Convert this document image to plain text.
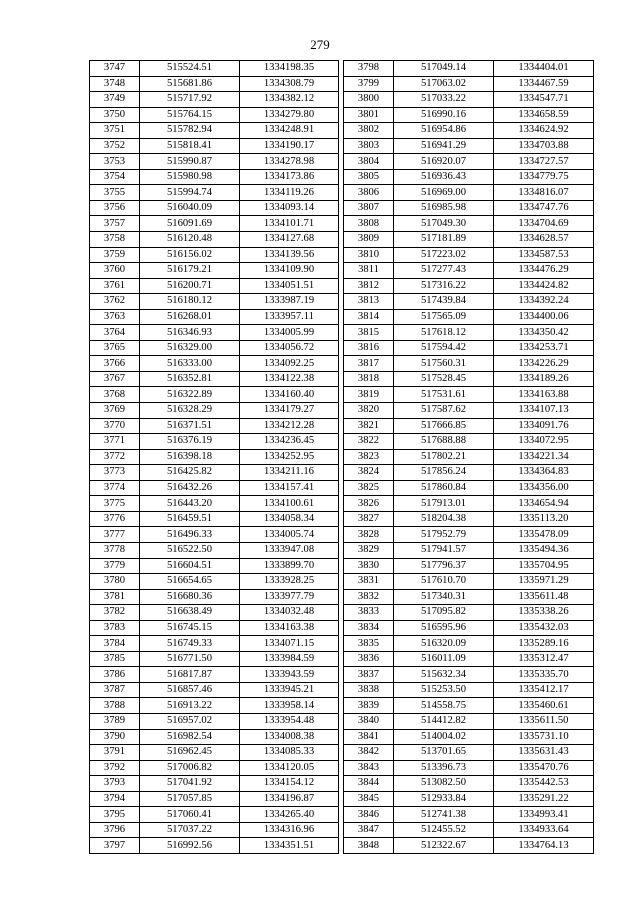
279
3747	515524.51	1334198.35
3748	515681.86	1334308.79
3749	515717.92	1334382.12
3750	515764.15	1334279.80
3751	515782.94	1334248.91
3752	515818.41	1334190.17
3753	515990.87	1334278.98
3754	515980.98	1334173.86
3755	515994.74	1334119.26
3756	516040.09	1334093.14
3757	516091.69	1334101.71
3758	516120.48	1334127.68
3759	516156.02	1334139.56
3760	516179.21	1334109.90
3761	516200.71	1334051.51
3762	516180.12	1333987.19
3763	516268.01	1333957.11
3764	516346.93	1334005.99
3765	516329.00	1334056.72
3766	516333.00	1334092.25
3767	516352.81	1334122.38
3768	516322.89	1334160.40
3769	516328.29	1334179.27
3770	516371.51	1334212.28
3771	516376.19	1334236.45
3772	516398.18	1334252.95
3773	516425.82	1334211.16
3774	516432.26	1334157.41
3775	516443.20	1334100.61
3776	516459.51	1334058.34
3777	516496.33	1334005.74
3778	516522.50	1333947.08
3779	516604.51	1333899.70
3780	516654.65	1333928.25
3781	516680.36	1333977.79
3782	516638.49	1334032.48
3783	516745.15	1334163.38
3784	516749.33	1334071.15
3785	516771.50	1333984.59
3786	516817.87	1333943.59
3787	516857.46	1333945.21
3788	516913.22	1333958.14
3789	516957.02	1333954.48
3790	516982.54	1334008.38
3791	516962.45	1334085.33
3792	517006.82	1334120.05
3793	517041.92	1334154.12
3794	517057.85	1334196.87
3795	517060.41	1334265.40
3796	517037.22	1334316.96
3797	516992.56	1334351.51
3798	517049.14	1334404.01
3799	517063.02	1334467.59
3800	517033.22	1334547.71
3801	516990.16	1334658.59
3802	516954.86	1334624.92
3803	516941.29	1334703.88
3804	516920.07	1334727.57
3805	516936.43	1334779.75
3806	516969.00	1334816.07
3807	516985.98	1334747.76
3808	517049.30	1334704.69
3809	517181.89	1334628.57
3810	517223.02	1334587.53
3811	517277.43	1334476.29
3812	517316.22	1334424.82
3813	517439.84	1334392.24
3814	517565.09	1334400.06
3815	517618.12	1334350.42
3816	517594.42	1334253.71
3817	517560.31	1334226.29
3818	517528.45	1334189.26
3819	517531.61	1334163.88
3820	517587.62	1334107.13
3821	517666.85	1334091.76
3822	517688.88	1334072.95
3823	517802.21	1334221.34
3824	517856.24	1334364.83
3825	517860.84	1334356.00
3826	517913.01	1334654.94
3827	518204.38	1335113.20
3828	517952.79	1335478.09
3829	517941.57	1335494.36
3830	517796.37	1335704.95
3831	517610.70	1335971.29
3832	517340.31	1335611.48
3833	517095.82	1335338.26
3834	516595.96	1335432.03
3835	516320.09	1335289.16
3836	516011.09	1335312.47
3837	515632.34	1335335.70
3838	515253.50	1335412.17
3839	514558.75	1335460.61
3840	514412.82	1335611.50
3841	514004.02	1335731.10
3842	513701.65	1335631.43
3843	513396.73	1335470.76
3844	513082.50	1335442.53
3845	512933.84	1335291.22
3846	512741.38	1334993.41
3847	512455.52	1334933.64
3848	512322.67	1334764.13
